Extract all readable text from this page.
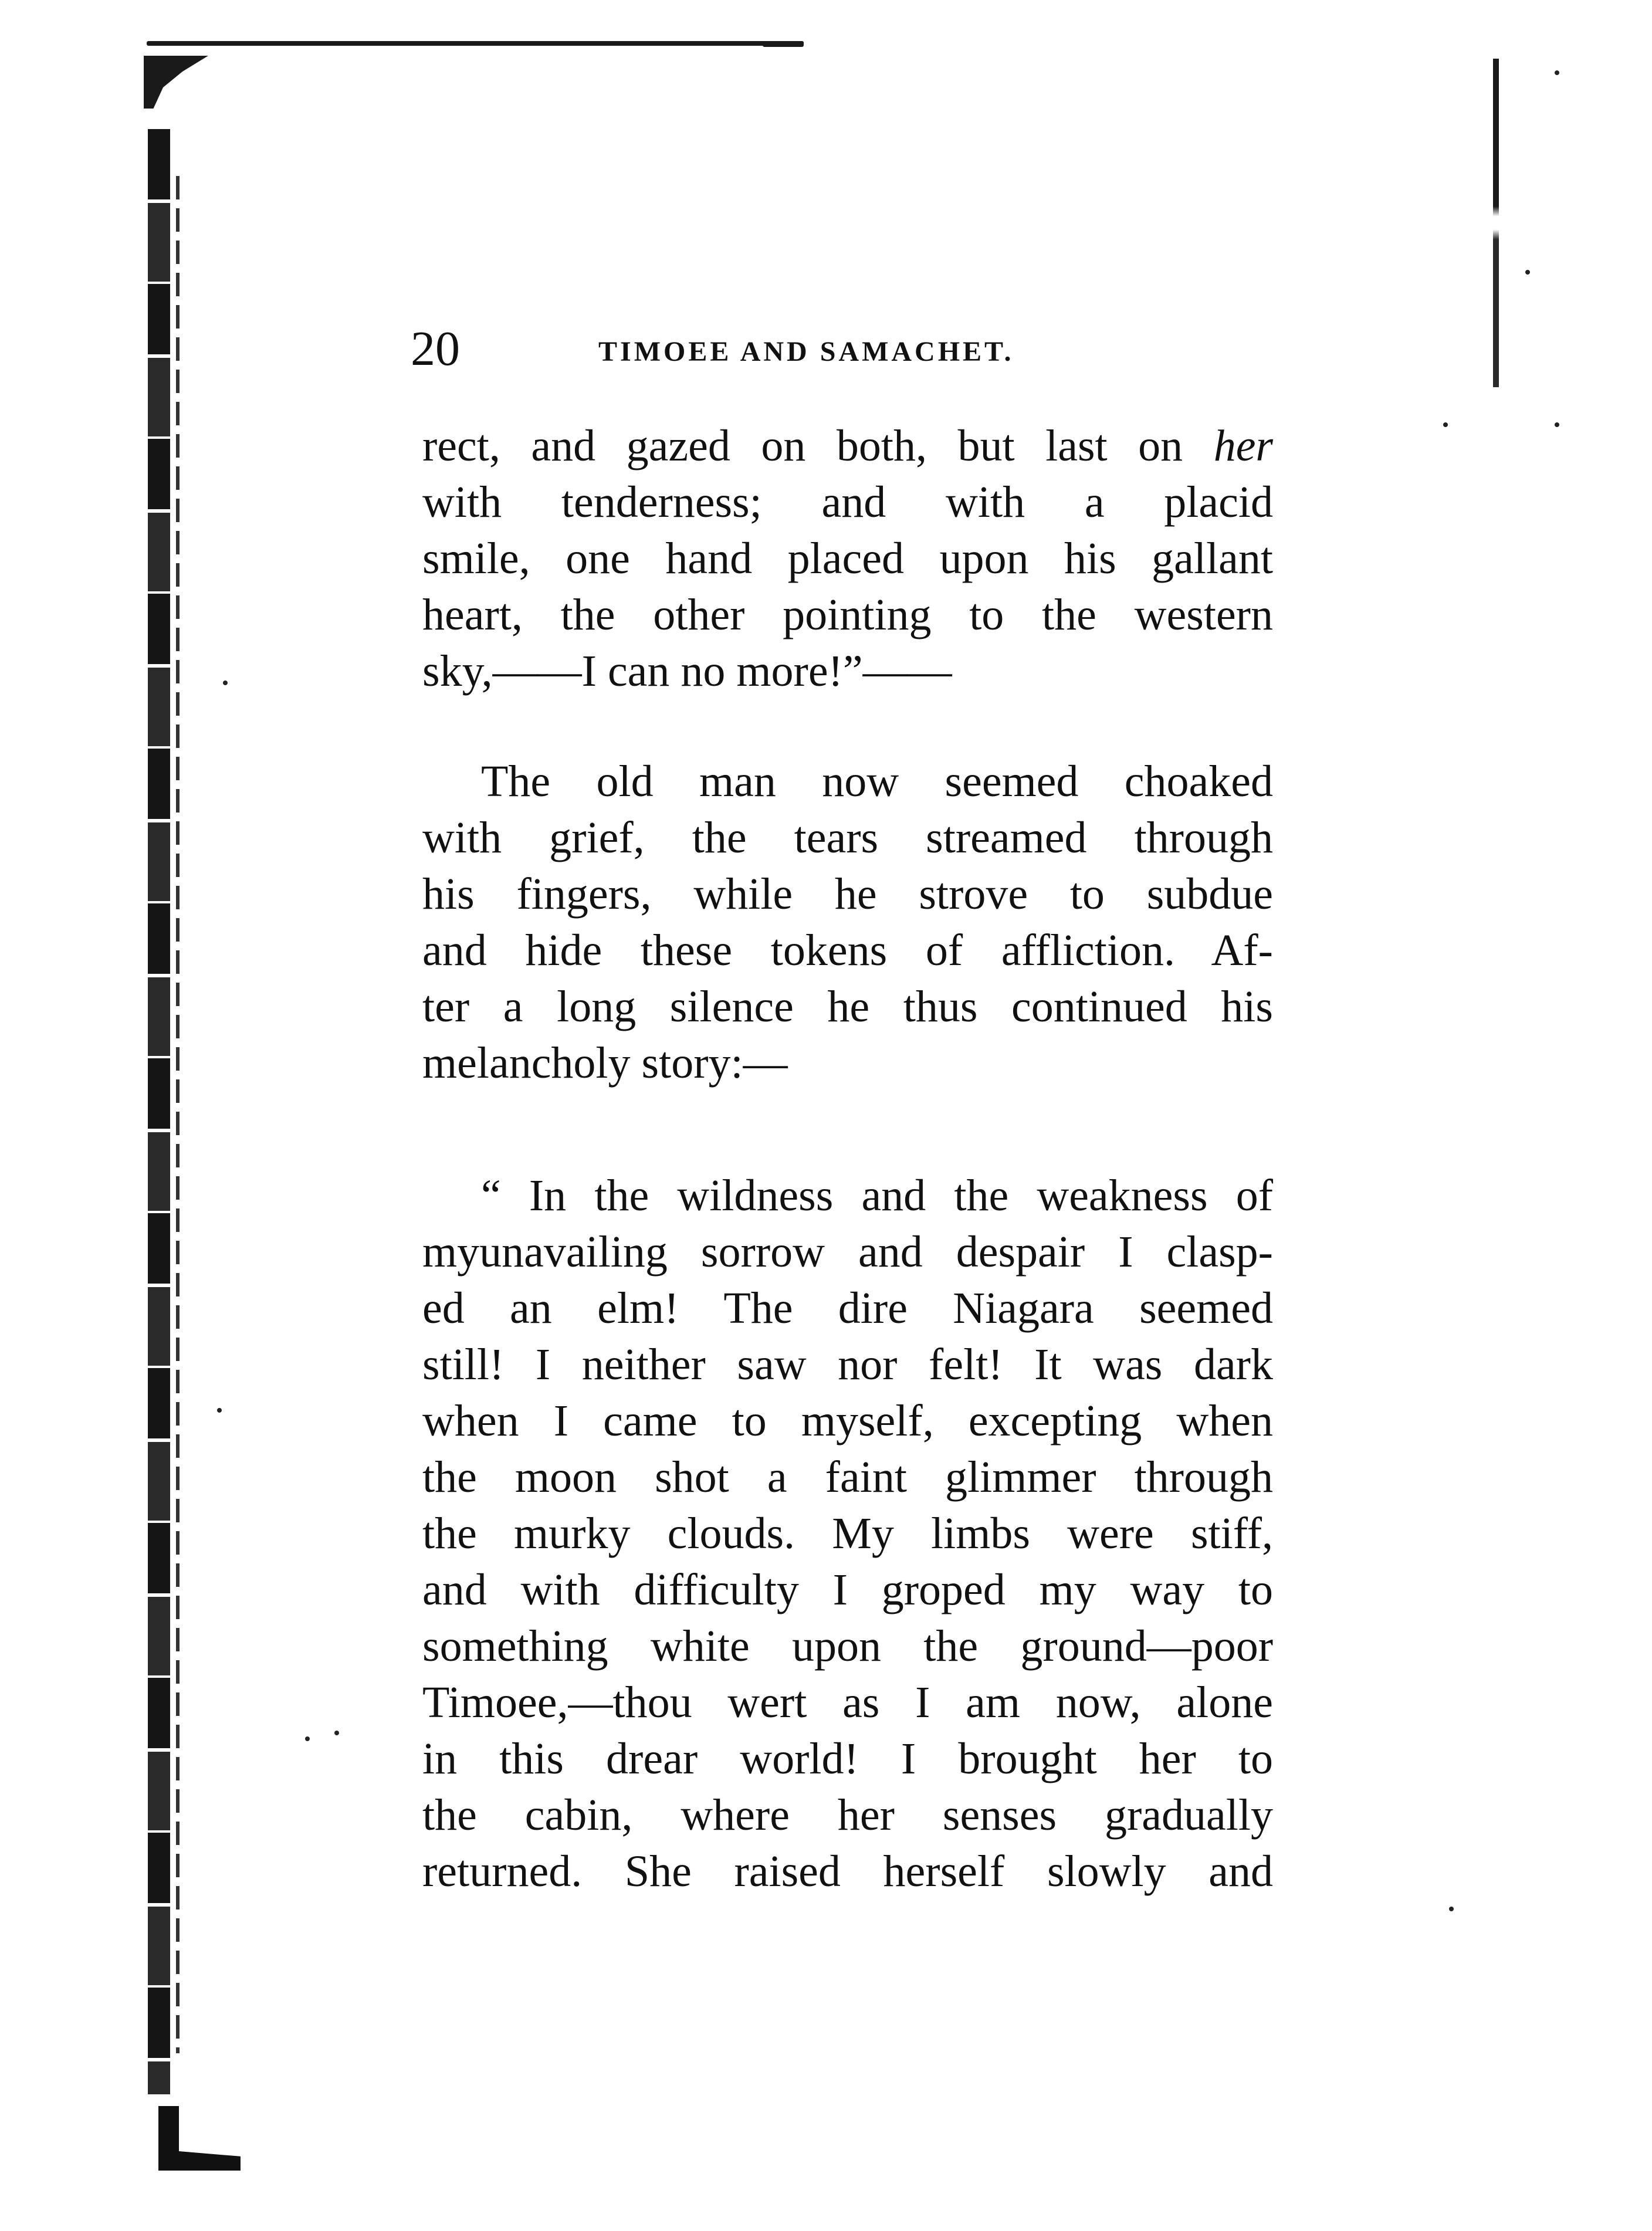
20	TIMOEE AND SAMACHET.
rect, and gazed on both, but last on her
with tenderness; and with a placid
smile, one hand placed upon his gallant
heart, the other pointing to the western
sky,——I can no more!”——
The old man now seemed choaked
with grief, the tears streamed through
his fingers, while he strove to subdue
and hide these tokens of affliction. Af-
ter a long silence he thus continued his
melancholy story:—
“ In the wildness and the weakness of
myunavailing sorrow and despair I clasp-
ed an elm! The dire Niagara seemed
still! I neither saw nor felt! It was dark
when I came to myself, excepting when
the moon shot a faint glimmer through
the murky clouds. My limbs were stiff,
and with difficulty I groped my way to
something white upon the ground—poor
Timoee,—thou wert as I am now, alone
in this drear world! I brought her to
the cabin, where her senses gradually
returned. She raised herself slowly and
